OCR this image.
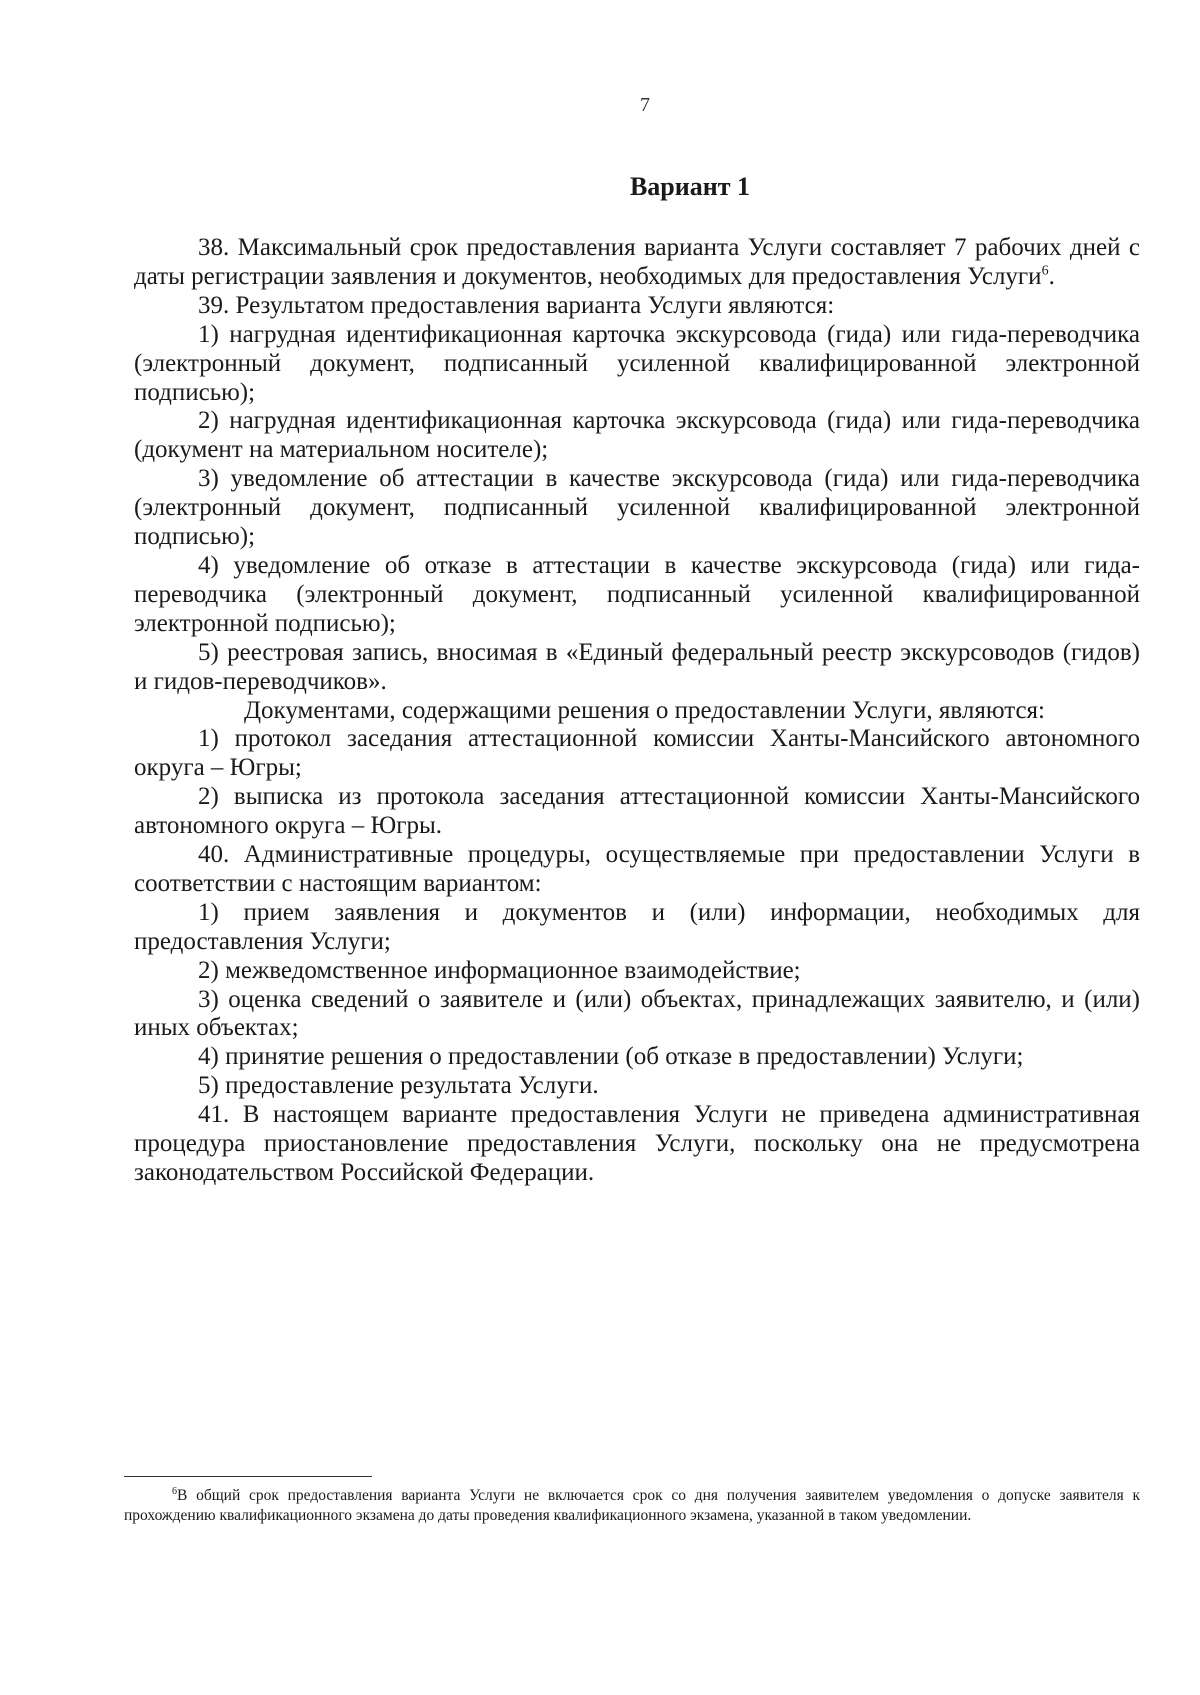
7
Вариант 1

38. Максимальный срок предоставления варианта Услуги составляет 7 рабочих дней с даты регистрации заявления и документов, необходимых для предоставления Услуги$^6$.

39. Результатом предоставления варианта Услуги являются:

1) нагрудная идентификационная карточка экскурсовода (гида) или гида-переводчика (электронный документ, подписанный усиленной квалифицированной электронной подписью);

2) нагрудная идентификационная карточка экскурсовода (гида) или гида-переводчика (документ на материальном носителе);

3) уведомление об аттестации в качестве экскурсовода (гида) или гида-переводчика (электронный документ, подписанный усиленной квалифицированной электронной подписью);

4) уведомление об отказе в аттестации в качестве экскурсовода (гида) или гида-переводчика (электронный документ, подписанный усиленной квалифицированной электронной подписью);

5) реестровая запись, вносимая в «Единый федеральный реестр экскурсоводов (гидов) и гидов-переводчиков».

Документами, содержащими решения о предоставлении Услуги, являются:

1) протокол заседания аттестационной комиссии Ханты-Мансийского автономного округа – Югры;

2) выписка из протокола заседания аттестационной комиссии Ханты-Мансийского автономного округа – Югры.

40. Административные процедуры, осуществляемые при предоставлении Услуги в соответствии с настоящим вариантом:

1) прием заявления и документов и (или) информации, необходимых для предоставления Услуги;

2) межведомственное информационное взаимодействие;

3) оценка сведений о заявителе и (или) объектах, принадлежащих заявителю, и (или) иных объектах;

4) принятие решения о предоставлении (об отказе в предоставлении) Услуги;

5) предоставление результата Услуги.

41. В настоящем варианте предоставления Услуги не приведена административная процедура приостановление предоставления Услуги, поскольку она не предусмотрена законодательством Российской Федерации.

$^6$В общий срок предоставления варианта Услуги не включается срок со дня получения заявителем уведомления о допуске заявителя к прохождению квалификационного экзамена до даты проведения квалификационного экзамена, указанной в таком уведомлении.
